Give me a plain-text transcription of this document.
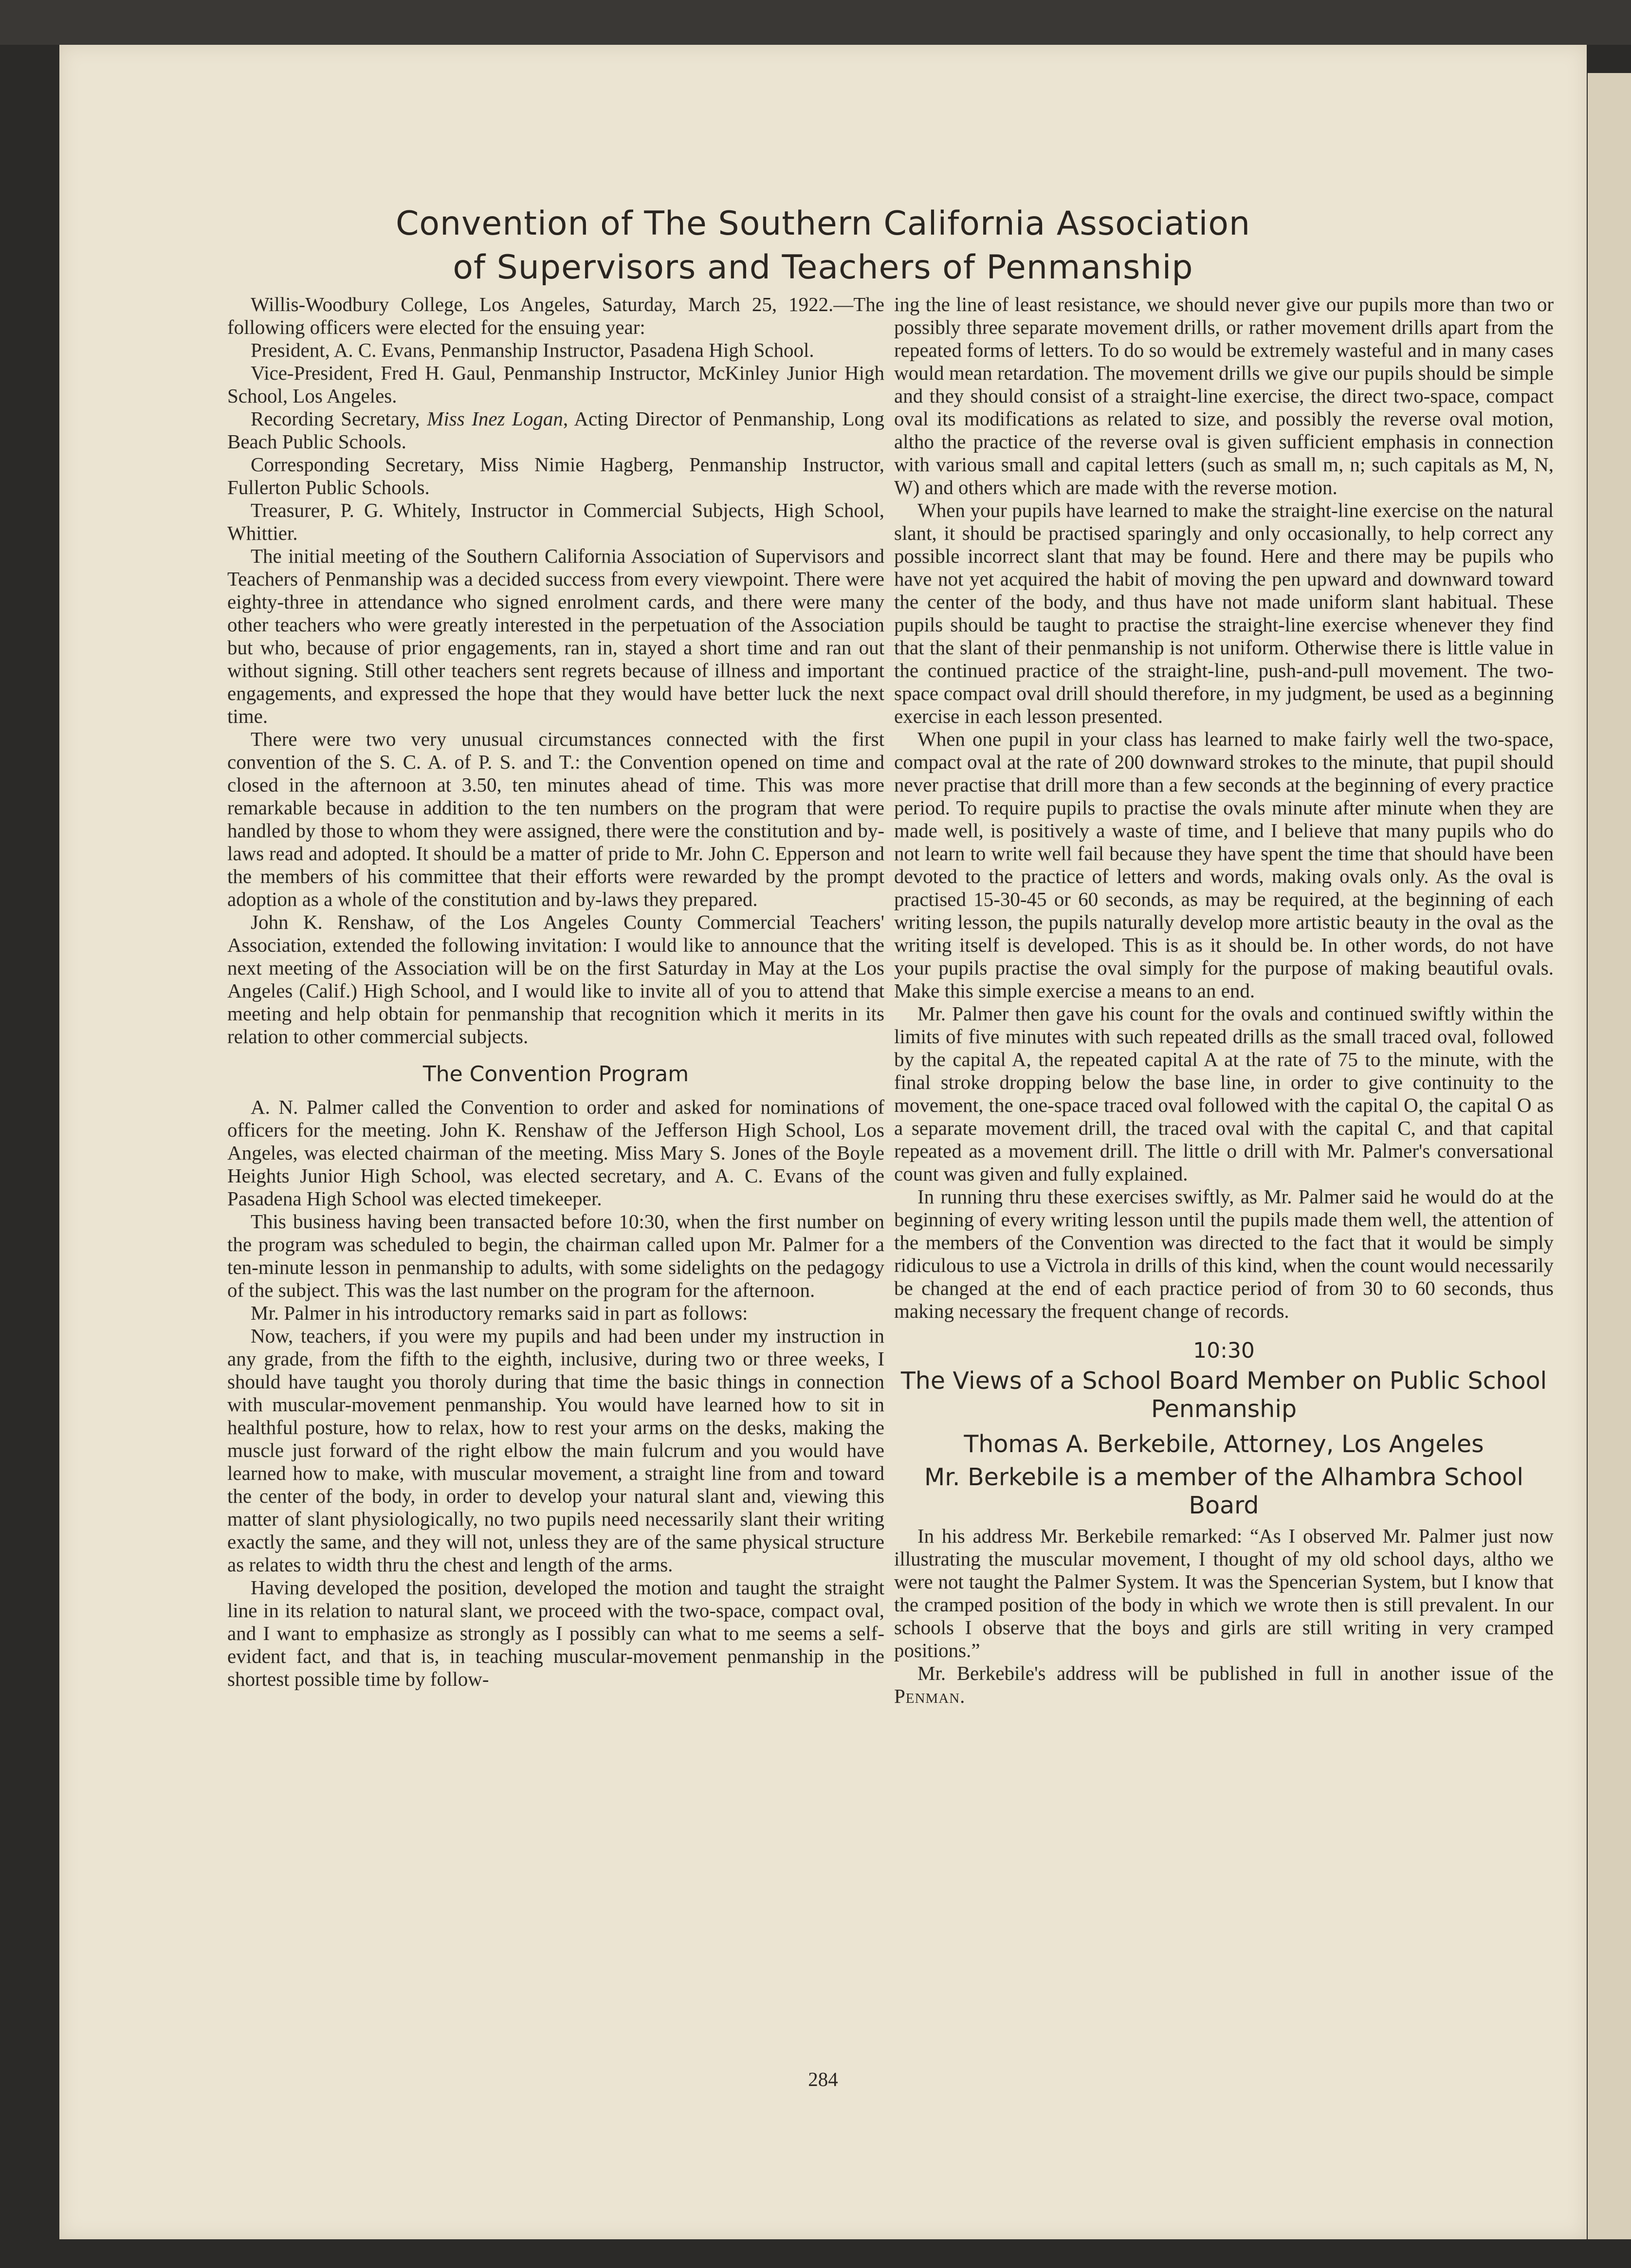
Convention of The Southern California Association
of Supervisors and Teachers of Penmanship

Willis-Woodbury College, Los Angeles, Saturday, March 25, 1922.—The following officers were elected for the ensuing year:

President, A. C. Evans, Penmanship Instructor, Pasadena High School.

Vice-President, Fred H. Gaul, Penmanship Instructor, McKinley Junior High School, Los Angeles.

Recording Secretary, Miss Inez Logan, Acting Director of Penmanship, Long Beach Public Schools.

Corresponding Secretary, Miss Nimie Hagberg, Penmanship Instructor, Fullerton Public Schools.

Treasurer, P. G. Whitely, Instructor in Commercial Subjects, High School, Whittier.

The initial meeting of the Southern California Association of Supervisors and Teachers of Penmanship was a decided success from every viewpoint. There were eighty-three in attendance who signed enrolment cards, and there were many other teachers who were greatly interested in the perpetuation of the Association but who, because of prior engagements, ran in, stayed a short time and ran out without signing. Still other teachers sent regrets because of illness and important engagements, and expressed the hope that they would have better luck the next time.

There were two very unusual circumstances connected with the first convention of the S. C. A. of P. S. and T.: the Convention opened on time and closed in the afternoon at 3.50, ten minutes ahead of time. This was more remarkable because in addition to the ten numbers on the program that were handled by those to whom they were assigned, there were the constitution and by-laws read and adopted. It should be a matter of pride to Mr. John C. Epperson and the members of his committee that their efforts were rewarded by the prompt adoption as a whole of the constitution and by-laws they prepared.

John K. Renshaw, of the Los Angeles County Commercial Teachers' Association, extended the following invitation: I would like to announce that the next meeting of the Association will be on the first Saturday in May at the Los Angeles (Calif.) High School, and I would like to invite all of you to attend that meeting and help obtain for penmanship that recognition which it merits in its relation to other commercial subjects.

The Convention Program

A. N. Palmer called the Convention to order and asked for nominations of officers for the meeting. John K. Renshaw of the Jefferson High School, Los Angeles, was elected chairman of the meeting. Miss Mary S. Jones of the Boyle Heights Junior High School, was elected secretary, and A. C. Evans of the Pasadena High School was elected timekeeper.

This business having been transacted before 10:30, when the first number on the program was scheduled to begin, the chairman called upon Mr. Palmer for a ten-minute lesson in penmanship to adults, with some sidelights on the pedagogy of the subject. This was the last number on the program for the afternoon.

Mr. Palmer in his introductory remarks said in part as follows:

Now, teachers, if you were my pupils and had been under my instruction in any grade, from the fifth to the eighth, inclusive, during two or three weeks, I should have taught you thoroly during that time the basic things in connection with muscular-movement penmanship. You would have learned how to sit in healthful posture, how to relax, how to rest your arms on the desks, making the muscle just forward of the right elbow the main fulcrum and you would have learned how to make, with muscular movement, a straight line from and toward the center of the body, in order to develop your natural slant and, viewing this matter of slant physiologically, no two pupils need necessarily slant their writing exactly the same, and they will not, unless they are of the same physical structure as relates to width thru the chest and length of the arms.

Having developed the position, developed the motion and taught the straight line in its relation to natural slant, we proceed with the two-space, compact oval, and I want to emphasize as strongly as I possibly can what to me seems a self-evident fact, and that is, in teaching muscular-movement penmanship in the shortest possible time by follow-

ing the line of least resistance, we should never give our pupils more than two or possibly three separate movement drills, or rather movement drills apart from the repeated forms of letters. To do so would be extremely wasteful and in many cases would mean retardation. The movement drills we give our pupils should be simple and they should consist of a straight-line exercise, the direct two-space, compact oval its modifications as related to size, and possibly the reverse oval motion, altho the practice of the reverse oval is given sufficient emphasis in connection with various small and capital letters (such as small m, n; such capitals as M, N, W) and others which are made with the reverse motion.

When your pupils have learned to make the straight-line exercise on the natural slant, it should be practised sparingly and only occasionally, to help correct any possible incorrect slant that may be found. Here and there may be pupils who have not yet acquired the habit of moving the pen upward and downward toward the center of the body, and thus have not made uniform slant habitual. These pupils should be taught to practise the straight-line exercise whenever they find that the slant of their penmanship is not uniform. Otherwise there is little value in the continued practice of the straight-line, push-and-pull movement. The two-space compact oval drill should therefore, in my judgment, be used as a beginning exercise in each lesson presented.

When one pupil in your class has learned to make fairly well the two-space, compact oval at the rate of 200 downward strokes to the minute, that pupil should never practise that drill more than a few seconds at the beginning of every practice period. To require pupils to practise the ovals minute after minute when they are made well, is positively a waste of time, and I believe that many pupils who do not learn to write well fail because they have spent the time that should have been devoted to the practice of letters and words, making ovals only. As the oval is practised 15-30-45 or 60 seconds, as may be required, at the beginning of each writing lesson, the pupils naturally develop more artistic beauty in the oval as the writing itself is developed. This is as it should be. In other words, do not have your pupils practise the oval simply for the purpose of making beautiful ovals. Make this simple exercise a means to an end.

Mr. Palmer then gave his count for the ovals and continued swiftly within the limits of five minutes with such repeated drills as the small traced oval, followed by the capital A, the repeated capital A at the rate of 75 to the minute, with the final stroke dropping below the base line, in order to give continuity to the movement, the one-space traced oval followed with the capital O, the capital O as a separate movement drill, the traced oval with the capital C, and that capital repeated as a movement drill. The little o drill with Mr. Palmer's conversational count was given and fully explained.

In running thru these exercises swiftly, as Mr. Palmer said he would do at the beginning of every writing lesson until the pupils made them well, the attention of the members of the Convention was directed to the fact that it would be simply ridiculous to use a Victrola in drills of this kind, when the count would necessarily be changed at the end of each practice period of from 30 to 60 seconds, thus making necessary the frequent change of records.

10:30
The Views of a School Board Member on Public School Penmanship
Thomas A. Berkebile, Attorney, Los Angeles
Mr. Berkebile is a member of the Alhambra School Board

In his address Mr. Berkebile remarked: “As I observed Mr. Palmer just now illustrating the muscular movement, I thought of my old school days, altho we were not taught the Palmer System. It was the Spencerian System, but I know that the cramped position of the body in which we wrote then is still prevalent. In our schools I observe that the boys and girls are still writing in very cramped positions.”

Mr. Berkebile's address will be published in full in another issue of the Penman.

284
